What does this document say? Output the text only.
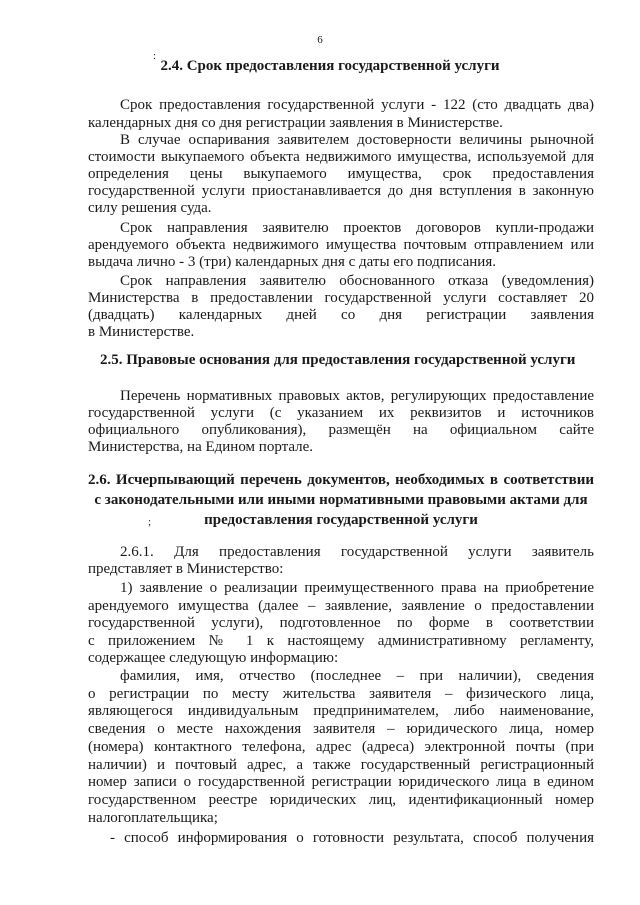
6
:
;
2.4. Срок предоставления государственной услуги
Срок предоставления государственной услуги - 122 (сто двадцать два)
календарных дня со дня регистрации заявления в Министерстве.
В случае оспаривания заявителем достоверности величины рыночной
стоимости выкупаемого объекта недвижимого имущества, используемой для
определения цены выкупаемого имущества, срок предоставления
государственной услуги приостанавливается до дня вступления в законную
силу решения суда.
Срок направления заявителю проектов договоров купли-продажи
арендуемого объекта недвижимого имущества почтовым отправлением или
выдача лично - 3 (три) календарных дня с даты его подписания.
Срок направления заявителю обоснованного отказа (уведомления)
Министерства в предоставлении государственной услуги составляет 20
(двадцать) календарных дней со дня регистрации заявления
в Министерстве.
2.5. Правовые основания для предоставления государственной услуги
Перечень нормативных правовых актов, регулирующих предоставление
государственной услуги (с указанием их реквизитов и источников
официального опубликования), размещён на официальном сайте
Министерства, на Едином портале.
2.6. Исчерпывающий перечень документов, необходимых в соответствии
с законодательными или иными нормативными правовыми актами для
предоставления государственной услуги
2.6.1. Для предоставления государственной услуги заявитель
представляет в Министерство:
1) заявление о реализации преимущественного права на приобретение
арендуемого имущества (далее – заявление, заявление о предоставлении
государственной услуги), подготовленное по форме в соответствии
с приложением № 1 к настоящему административному регламенту,
содержащее следующую информацию:
фамилия, имя, отчество (последнее – при наличии), сведения
о регистрации по месту жительства заявителя – физического лица,
являющегося индивидуальным предпринимателем, либо наименование,
сведения о месте нахождения заявителя – юридического лица, номер
(номера) контактного телефона, адрес (адреса) электронной почты (при
наличии) и почтовый адрес, а также государственный регистрационный
номер записи о государственной регистрации юридического лица в едином
государственном реестре юридических лиц, идентификационный номер
налогоплательщика;
- способ информирования о готовности результата, способ получения
